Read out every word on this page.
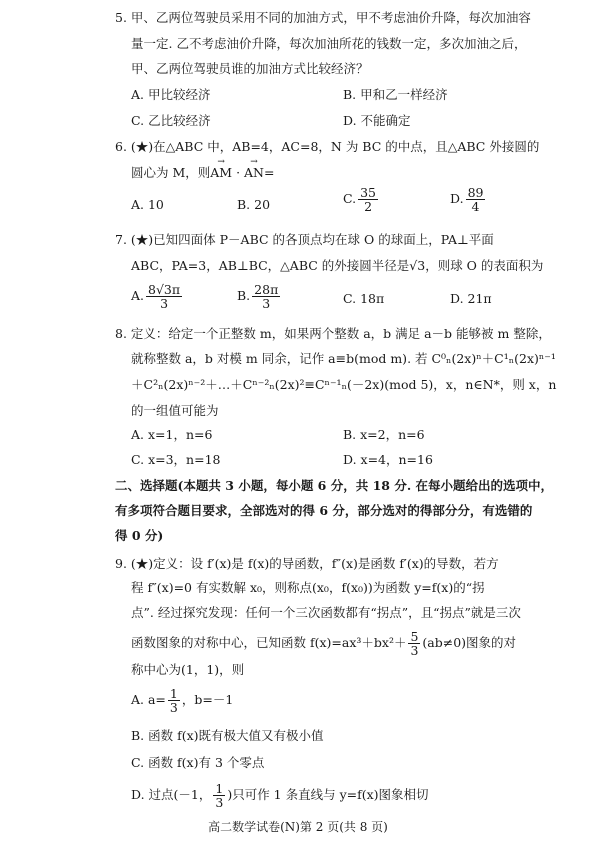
5. 甲、乙两位驾驶员采用不同的加油方式，甲不考虑油价升降，每次加油容
量一定. 乙不考虑油价升降，每次加油所花的钱数一定，多次加油之后，
甲、乙两位驾驶员谁的加油方式比较经济？
A. 甲比较经济	B. 甲和乙一样经济
C. 乙比较经济	D. 不能确定
6. (★)在△ABC 中，AB=4，AC=8，N 为 BC 的中点，且△ABC 外接圆的
圆心为 M，则→ AM · → AN=
A. 10	B. 20	C. $\frac{35}{2}$	D. $\frac{89}{4}$
7. (★)已知四面体 P－ABC 的各顶点均在球 O 的球面上，PA⊥平面
ABC，PA=3，AB⊥BC，△ABC 的外接圆半径是√3，则球 O 的表面积为
A. $\frac{8√3\pi}{3}$	B. $\frac{28\pi}{3}$	C. 18π	D. 21π
8. 定义：给定一个正整数 m，如果两个整数 a，b 满足 a－b 能够被 m 整除，
就称整数 a，b 对模 m 同余，记作 a≡b(mod m). 若 C⁰ₙ(2x)ⁿ＋C¹ₙ(2x)ⁿ⁻¹
＋C²ₙ(2x)ⁿ⁻²＋…＋Cⁿ⁻²ₙ(2x)²≡Cⁿ⁻¹ₙ(－2x)(mod 5)，x，n∈N*，则 x，n
的一组值可能为
A. x=1，n=6	B. x=2，n=6
C. x=3，n=18	D. x=4，n=16
二、选择题(本题共 3 小题，每小题 6 分，共 18 分. 在每小题给出的选项中，
有多项符合题目要求，全部选对的得 6 分，部分选对的得部分分，有选错的
得 0 分)
9. (★)定义：设 f′(x)是 f(x)的导函数，f″(x)是函数 f′(x)的导数，若方
程 f″(x)=0 有实数解 x₀，则称点(x₀，f(x₀))为函数 y=f(x)的“拐
点”. 经过探究发现：任何一个三次函数都有“拐点”，且“拐点”就是三次
函数图象的对称中心，已知函数 $f(x)=ax^3+bx^2+ \frac{5}{3} (ab\ne 0)$图象的对
称中心为(1，1)，则
A. $a= \frac{1}{3}$ ，b=－1
B. 函数 f(x)既有极大值又有极小值
C. 函数 f(x)有 3 个零点
D. 过点(－1， $\frac{1}{3}$ )只可作 1 条直线与 y=f(x)图象相切
高二数学试卷(N)第 2 页(共 8 页)
